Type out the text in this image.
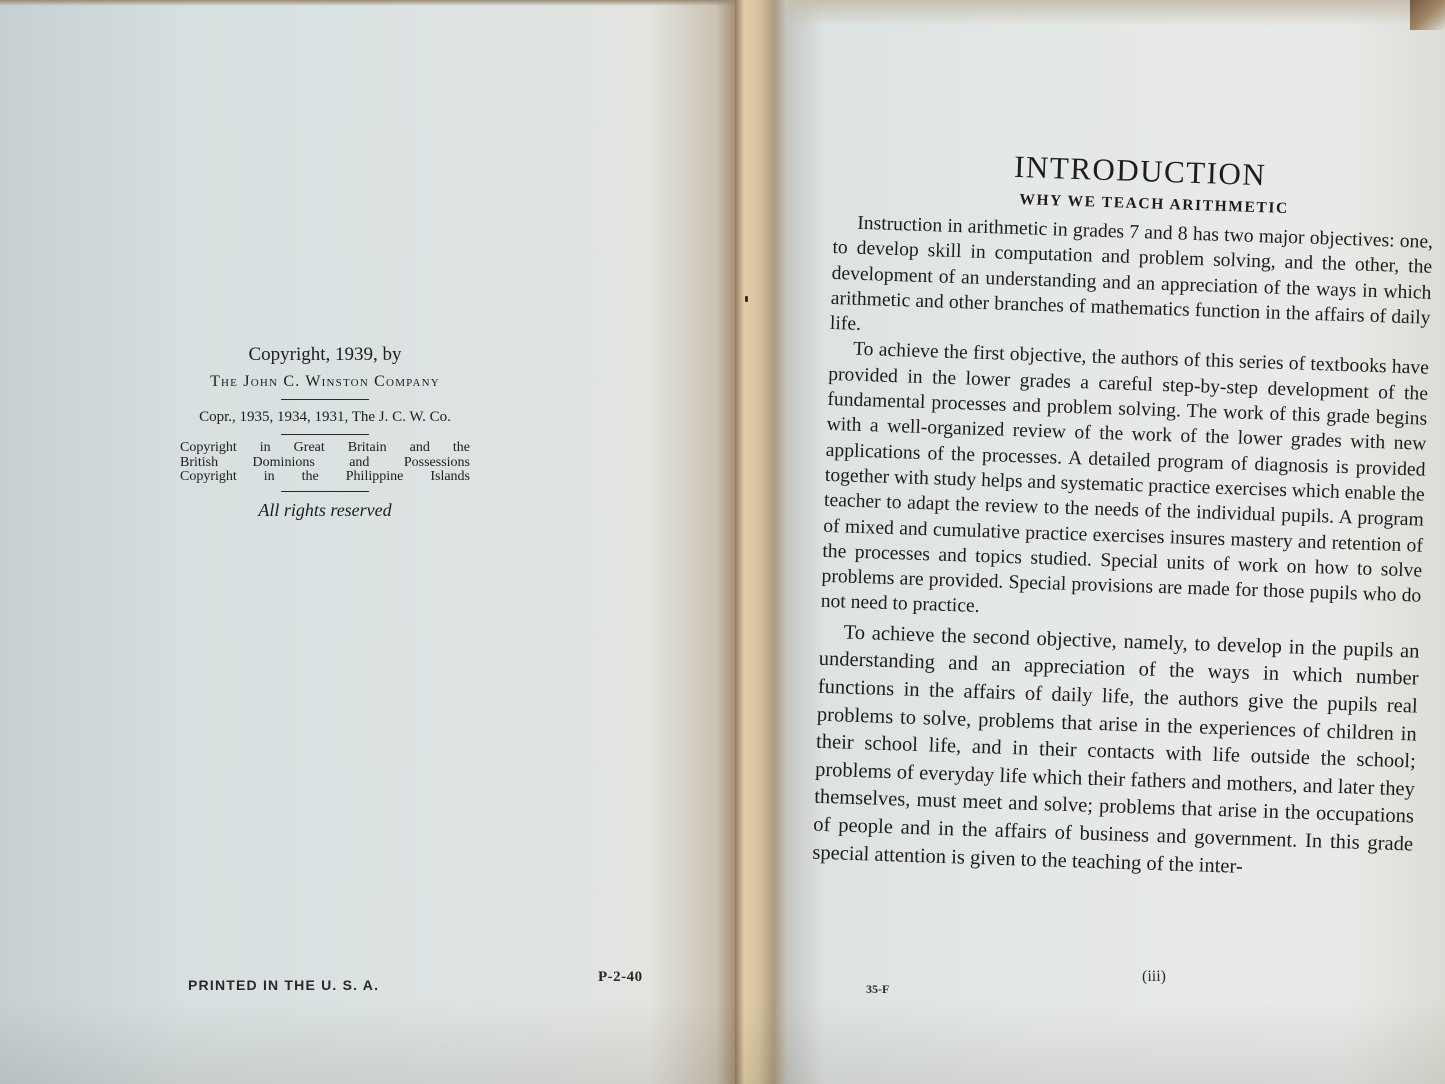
Copyright, 1939, by

The John C. Winston Company

Copr., 1935, 1934, 1931, The J. C. W. Co.

Copyright in Great Britain and the

British Dominions and Possessions

Copyright in the Philippine Islands

All rights reserved

PRINTED IN THE U. S. A.	P-2-40

INTRODUCTION

WHY WE TEACH ARITHMETIC

Instruction in arithmetic in grades 7 and 8 has two major objectives: one, to develop skill in computation and problem solving, and the other, the development of an understanding and an appreciation of the ways in which arithmetic and other branches of mathematics function in the affairs of daily life.

To achieve the first objective, the authors of this series of textbooks have provided in the lower grades a careful step-by-step development of the fundamental processes and problem solving. The work of this grade begins with a well-organized review of the work of the lower grades with new applications of the processes. A detailed program of diagnosis is provided together with study helps and systematic practice exercises which enable the teacher to adapt the review to the needs of the individual pupils. A program of mixed and cumulative practice exercises insures mastery and retention of the processes and topics studied. Special units of work on how to solve problems are provided. Special provisions are made for those pupils who do not need to practice.

To achieve the second objective, namely, to develop in the pupils an understanding and an appreciation of the ways in which number functions in the affairs of daily life, the authors give the pupils real problems to solve, problems that arise in the experiences of children in their school life, and in their contacts with life outside the school; problems of everyday life which their fathers and mothers, and later they themselves, must meet and solve; problems that arise in the occupations of people and in the affairs of business and government. In this grade special attention is given to the teaching of the inter-

35-F
(iii)
